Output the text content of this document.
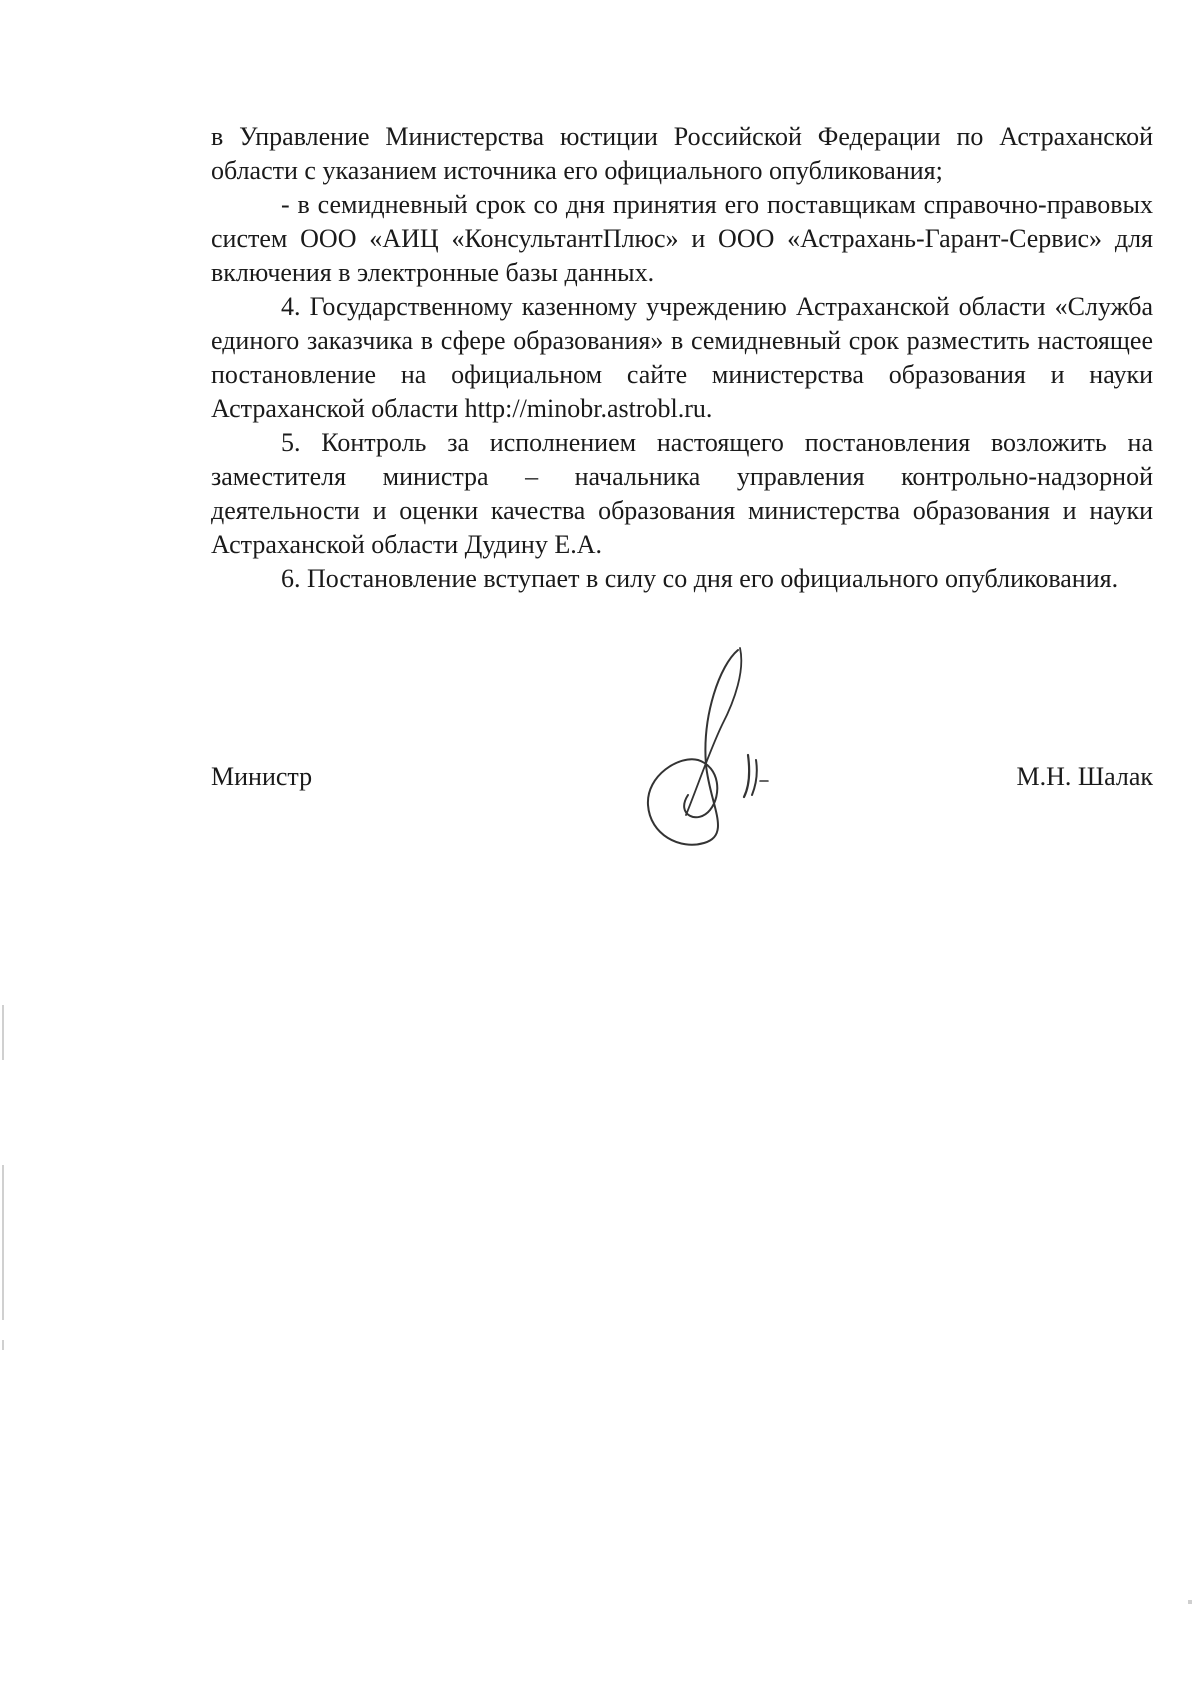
в Управление Министерства юстиции Российской Федерации по Астраханской области с указанием источника его официального опубликования;

- в семидневный срок со дня принятия его поставщикам справочно-правовых систем ООО «АИЦ «КонсультантПлюс» и ООО «Астрахань-Гарант-Сервис» для включения в электронные базы данных.

4. Государственному казенному учреждению Астраханской области «Служба единого заказчика в сфере образования» в семидневный срок разместить настоящее постановление на официальном сайте министерства образования и науки Астраханской области http://minobr.astrobl.ru.

5. Контроль за исполнением настоящего постановления возложить на заместителя министра – начальника управления контрольно-надзорной деятельности и оценки качества образования министерства образования и науки Астраханской области Дудину Е.А.

6. Постановление вступает в силу со дня его официального опубликования.

Министр	М.Н. Шалак
